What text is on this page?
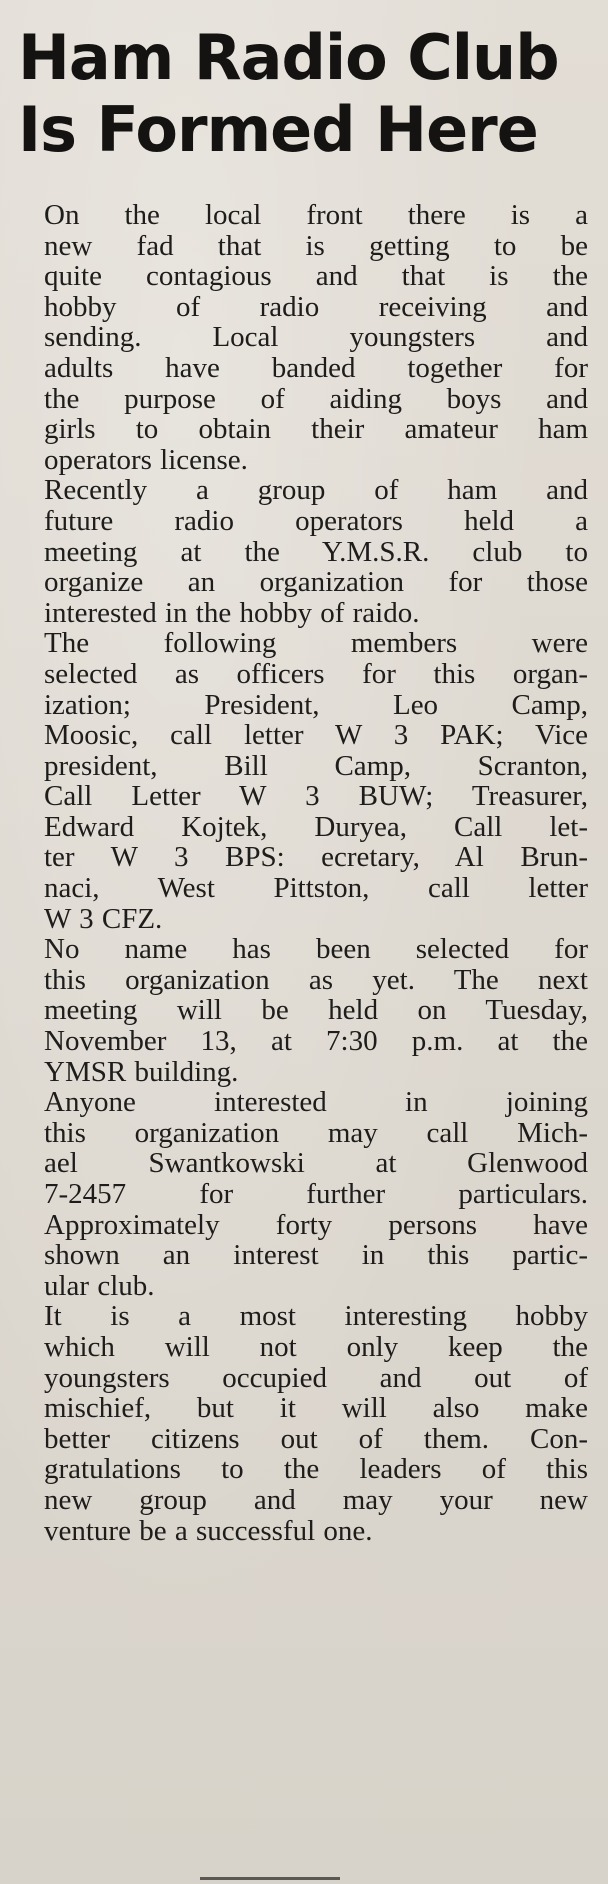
Ham Radio Club
Is Formed Here

On the local front there is a
new fad that is getting to be
quite contagious and that is the
hobby of radio receiving and
sending. Local youngsters and
adults have banded together for
the purpose of aiding boys and
girls to obtain their amateur ham
operators license.

Recently a group of ham and
future radio operators held a
meeting at the Y.M.S.R. club to
organize an organization for those
interested in the hobby of raido.

The following members were
selected as officers for this organ-
ization; President, Leo Camp,
Moosic, call letter W 3 PAK; Vice
president, Bill Camp, Scranton,
Call Letter W 3 BUW; Treasurer,
Edward Kojtek, Duryea, Call let-
ter W 3 BPS: ecretary, Al Brun-
naci, West Pittston, call letter
W 3 CFZ.

No name has been selected for
this organization as yet. The next
meeting will be held on Tuesday,
November 13, at 7:30 p.m. at the
YMSR building.

Anyone interested in joining
this organization may call Mich-
ael Swantkowski at Glenwood
7-2457 for further particulars.
Approximately forty persons have
shown an interest in this partic-
ular club.

It is a most interesting hobby
which will not only keep the
youngsters occupied and out of
mischief, but it will also make
better citizens out of them. Con-
gratulations to the leaders of this
new group and may your new
venture be a successful one.
